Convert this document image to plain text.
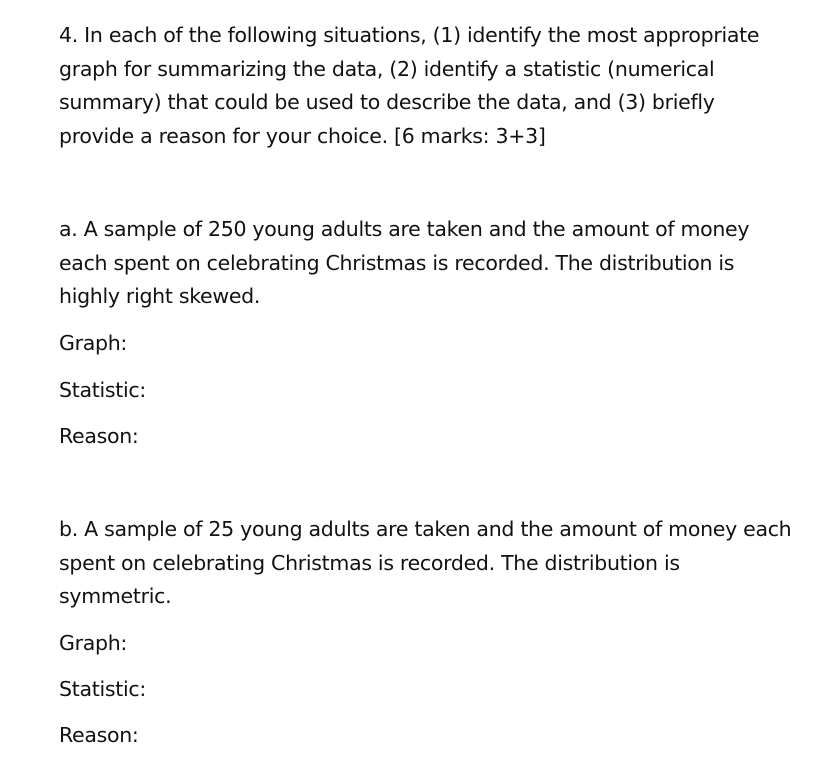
4. In each of the following situations, (1) identify the most appropriate
graph for summarizing the data, (2) identify a statistic (numerical
summary) that could be used to describe the data, and (3) briefly
provide a reason for your choice. [6 marks: 3+3]

a. A sample of 250 young adults are taken and the amount of money
each spent on celebrating Christmas is recorded. The distribution is
highly right skewed.

Graph:

Statistic:

Reason:

b. A sample of 25 young adults are taken and the amount of money each
spent on celebrating Christmas is recorded. The distribution is
symmetric.

Graph:

Statistic:

Reason:
